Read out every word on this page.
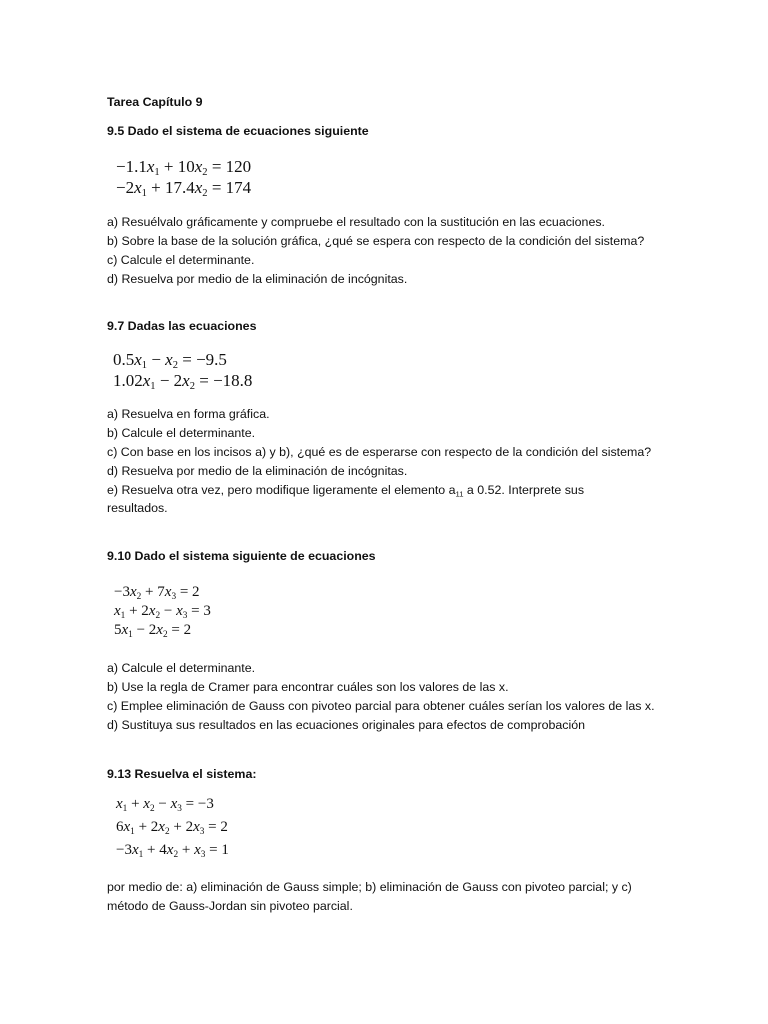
Tarea Capítulo 9
9.5 Dado el sistema de ecuaciones siguiente
$-1.1x_1 + 10x_2 = 120$
$-2x_1 + 17.4x_2 = 174$
a) Resuélvalo gráficamente y compruebe el resultado con la sustitución en las ecuaciones.
b) Sobre la base de la solución gráfica, ¿qué se espera con respecto de la condición del sistema?
c) Calcule el determinante.
d) Resuelva por medio de la eliminación de incógnitas.
9.7 Dadas las ecuaciones
$0.5x_1 - x_2 = -9.5$
$1.02x_1 - 2x_2 = -18.8$
a) Resuelva en forma gráfica.
b) Calcule el determinante.
c) Con base en los incisos a) y b), ¿qué es de esperarse con respecto de la condición del sistema?
d) Resuelva por medio de la eliminación de incógnitas.
e) Resuelva otra vez, pero modifique ligeramente el elemento $a_{11}$ a 0.52. Interprete sus
resultados.
9.10 Dado el sistema siguiente de ecuaciones
$-3x_2 + 7x_3 = 2$
$x_1 + 2x_2 - x_3 = 3$
$5x_1 - 2x_2 = 2$
a) Calcule el determinante.
b) Use la regla de Cramer para encontrar cuáles son los valores de las x.
c) Emplee eliminación de Gauss con pivoteo parcial para obtener cuáles serían los valores de las x.
d) Sustituya sus resultados en las ecuaciones originales para efectos de comprobación
9.13 Resuelva el sistema:
$x_1 + x_2 - x_3 = -3$
$6x_1 + 2x_2 + 2x_3 = 2$
$-3x_1 + 4x_2 + x_3 = 1$
por medio de: a) eliminación de Gauss simple; b) eliminación de Gauss con pivoteo parcial; y c)
método de Gauss-Jordan sin pivoteo parcial.
